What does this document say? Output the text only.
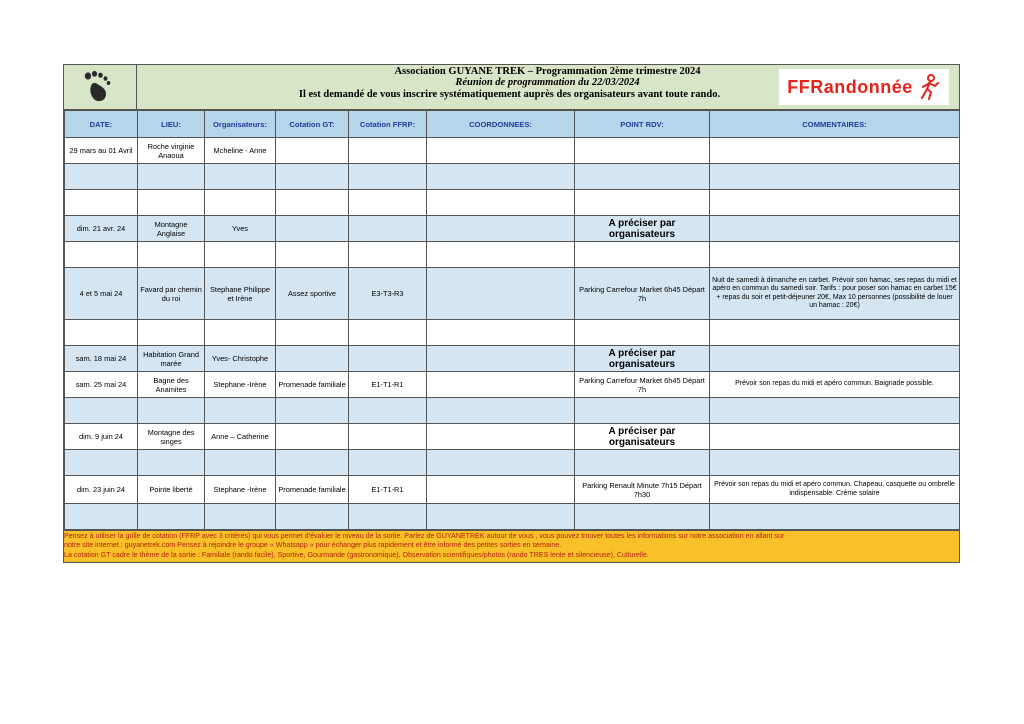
Association GUYANE TREK – Programmation 2ème trimestre 2024
Réunion de programmation du 22/03/2024
Il est demandé de vous inscrire systématiquement auprès des organisateurs avant toute rando.	FFRandonnée
DATE:	LIEU:	Organisateurs:	Cotation GT:	Cotation FFRP:	COORDONNEES:	POINT RDV:	COMMENTAIRES:
29 mars au 01 Avril	Roche virginie Anaoua	Mcheline - Anne					

dim. 21 avr. 24	Montagne Anglaise	Yves				A préciser par organisateurs	

4 et 5 mai 24	Favard par chemin du roi	Stephane Philippe et Irène	Assez sportive	E3-T3-R3		Parking Carrefour Market 6h45 Départ 7h	Nuit de samedi à dimanche en carbet. Prévoir son hamac, ses repas du midi et apéro en commun du samedi soir. Tarifs : pour poser son hamac en carbet 15€ + repas du soir et petit-déjeuner 20€, Max 10 personnes (possibilité de louer un hamac : 20€)

sam. 18 mai 24	Habitation Grand marée	Yves- Christophe				A préciser par organisateurs	
sam. 25 mai 24	Bagne des Anamites	Stephane -Irène	Promenade familiale	E1-T1-R1		Parking Carrefour Market 6h45 Départ 7h	Prévoir son repas du midi et apéro commun. Baignade possible.

dim. 9 juin 24	Montagne des singes	Anne – Catherine				A préciser par organisateurs	

dim. 23 juin 24	Pointe liberté	Stephane -Irène	Promenade familiale	E1-T1-R1		Parking Renault Minute 7h15 Départ 7h30	Prévoir son repas du midi et apéro commun. Chapeau, casquette ou ombrelle indispensable. Crème solaire

Pensez à utiliser la grille de cotation (FFRP avec 3 critères) qui vous permet d'évaluer le niveau de la sortie. Parlez de GUYANETREK autour de vous , vous pouvez trouver toutes les informations sur notre association en allant sur
notre site internet : guyanetrek.com Pensez à rejoindre le groupe « Whatsapp » pour échanger plus rapidement et être informé des petites sorties en semaine.
La cotation GT cadre le thème de la sortie : Familiale (rando facile), Sportive, Gourmande (gastronomique), Observation scientifiques/photos (rando TRES lente et silencieuse), Culturelle.
